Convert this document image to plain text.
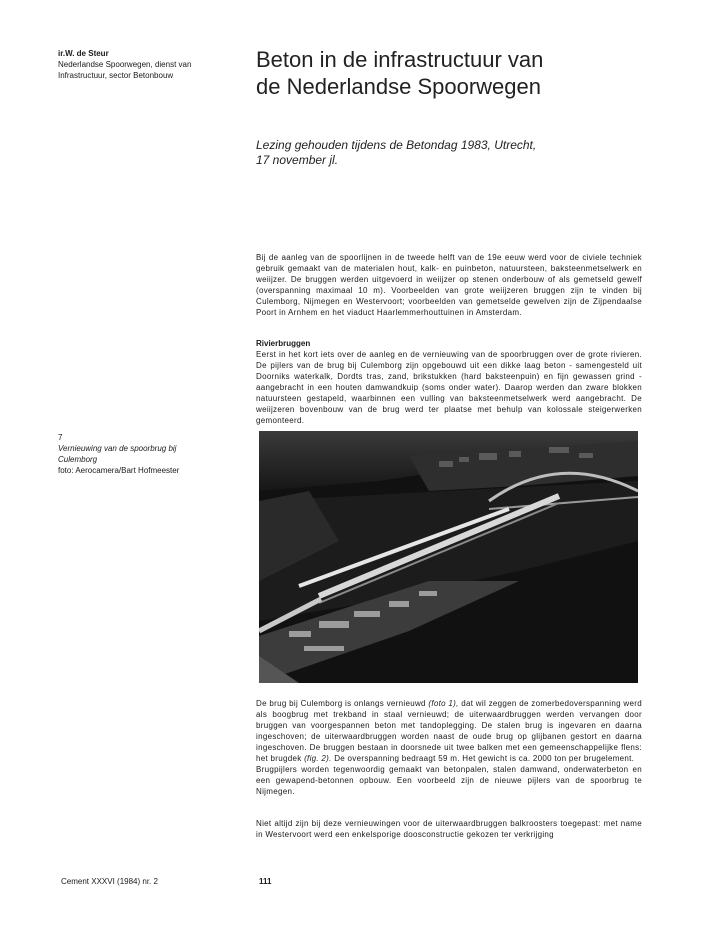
ir.W. de Steur
Nederlandse Spoorwegen, dienst van
Infrastructuur, sector Betonbouw
Beton in de infrastructuur van
de Nederlandse Spoorwegen
Lezing gehouden tijdens de Betondag 1983, Utrecht,
17 november jl.
Bij de aanleg van de spoorlijnen in de tweede helft van de 19e eeuw werd voor de civiele techniek gebruik gemaakt van de materialen hout, kalk- en puinbeton, natuursteen, baksteenmetselwerk en weiijzer. De bruggen werden uitgevoerd in weiijzer op stenen onderbouw of als gemetseld gewelf (overspanning maximaal 10 m). Voorbeelden van grote weiijzeren bruggen zijn te vinden bij Culemborg, Nijmegen en Westervoort; voorbeelden van gemetselde gewelven zijn de Zijpendaalse Poort in Arnhem en het viaduct Haarlemmerhouttuinen in Amsterdam.
Rivierbruggen
Eerst in het kort iets over de aanleg en de vernieuwing van de spoorbruggen over de grote rivieren. De pijlers van de brug bij Culemborg zijn opgebouwd uit een dikke laag beton - samengesteld uit Doorniks waterkalk, Dordts tras, zand, brikstukken (hard baksteenpuin) en fijn gewassen grind - aangebracht in een houten damwandkuip (soms onder water). Daarop werden dan zware blokken natuursteen gestapeld, waarbinnen een vulling van baksteenmetselwerk werd aangebracht. De weiijzeren bovenbouw van de brug werd ter plaatse met behulp van kolossale steigerwerken gemonteerd.
7
Vernieuwing van de spoorbrug bij
Culemborg
foto: Aerocamera/Bart Hofmeester
De brug bij Culemborg is onlangs vernieuwd (foto 1), dat wil zeggen de zomerbedoverspanning werd als boogbrug met trekband in staal vernieuwd; de uiterwaardbruggen werden vervangen door bruggen van voorgespannen beton met tandoplegging. De stalen brug is ingevaren en daarna ingeschoven; de uiterwaardbruggen worden naast de oude brug op glijbanen gestort en daarna ingeschoven. De bruggen bestaan in doorsnede uit twee balken met een gemeenschappelijke flens: het brugdek (fig. 2). De overspanning bedraagt 59 m. Het gewicht is ca. 2000 ton per brugelement.
Brugpijlers worden tegenwoordig gemaakt van betonpalen, stalen damwand, onderwaterbeton en een gewapend-betonnen opbouw. Een voorbeeld zijn de nieuwe pijlers van de spoorbrug te Nijmegen.
Niet altijd zijn bij deze vernieuwingen voor de uiterwaardbruggen balkroosters toegepast: met name in Westervoort werd een enkelsporige doosconstructie gekozen ter verkrijging
Cement XXXVI (1984) nr. 2	111
